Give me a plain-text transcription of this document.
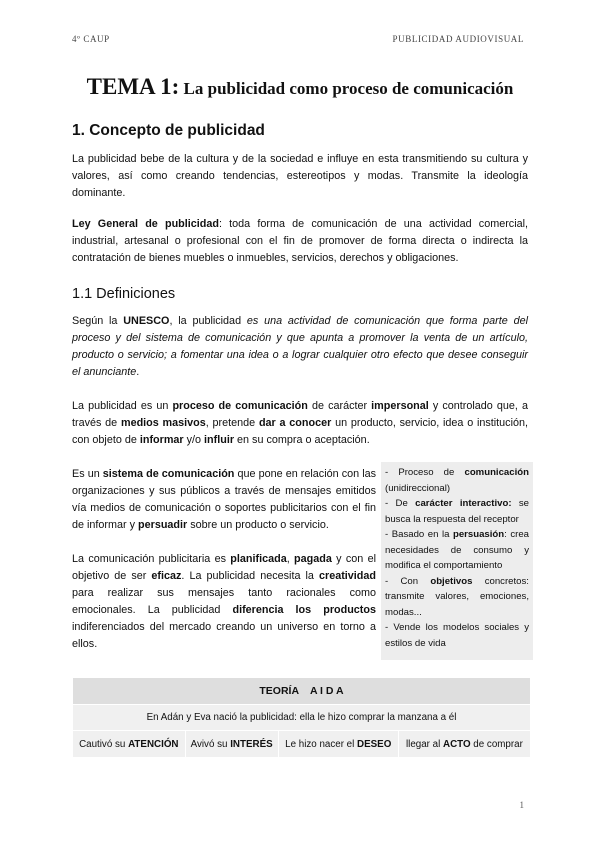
4º CAUP	PUBLICIDAD AUDIOVISUAL
TEMA 1: La publicidad como proceso de comunicación
1. Concepto de publicidad
La publicidad bebe de la cultura y de la sociedad e influye en esta transmitiendo su cultura y valores, así como creando tendencias, estereotipos y modas. Transmite la ideología dominante.
Ley General de publicidad: toda forma de comunicación de una actividad comercial, industrial, artesanal o profesional con el fin de promover de forma directa o indirecta la contratación de bienes muebles o inmuebles, servicios, derechos y obligaciones.
1.1 Definiciones
Según la UNESCO, la publicidad es una actividad de comunicación que forma parte del proceso y del sistema de comunicación y que apunta a promover la venta de un artículo, producto o servicio; a fomentar una idea o a lograr cualquier otro efecto que desee conseguir el anunciante.
La publicidad es un proceso de comunicación de carácter impersonal y controlado que, a través de medios masivos, pretende dar a conocer un producto, servicio, idea o institución, con objeto de informar y/o influir en su compra o aceptación.
Es un sistema de comunicación que pone en relación con las organizaciones y sus públicos a través de mensajes emitidos vía medios de comunicación o soportes publicitarios con el fin de informar y persuadir sobre un producto o servicio.
La comunicación publicitaria es planificada, pagada y con el objetivo de ser eficaz. La publicidad necesita la creatividad para realizar sus mensajes tanto racionales como emocionales. La publicidad diferencia los productos indiferenciados del mercado creando un universo en torno a ellos.

- Proceso de comunicación (unidireccional)

- De carácter interactivo: se busca la respuesta del receptor

- Basado en la persuasión: crea necesidades de consumo y modifica el comportamiento

- Con objetivos concretos: transmite valores, emociones, modas...

- Vende los modelos sociales y estilos de vida

TEORÍA    A I D A
En Adán y Eva nació la publicidad: ella le hizo comprar la manzana a él
Cautivó su ATENCIÓN	Avivó su INTERÉS	Le hizo nacer el DESEO	llegar al ACTO de comprar
1
